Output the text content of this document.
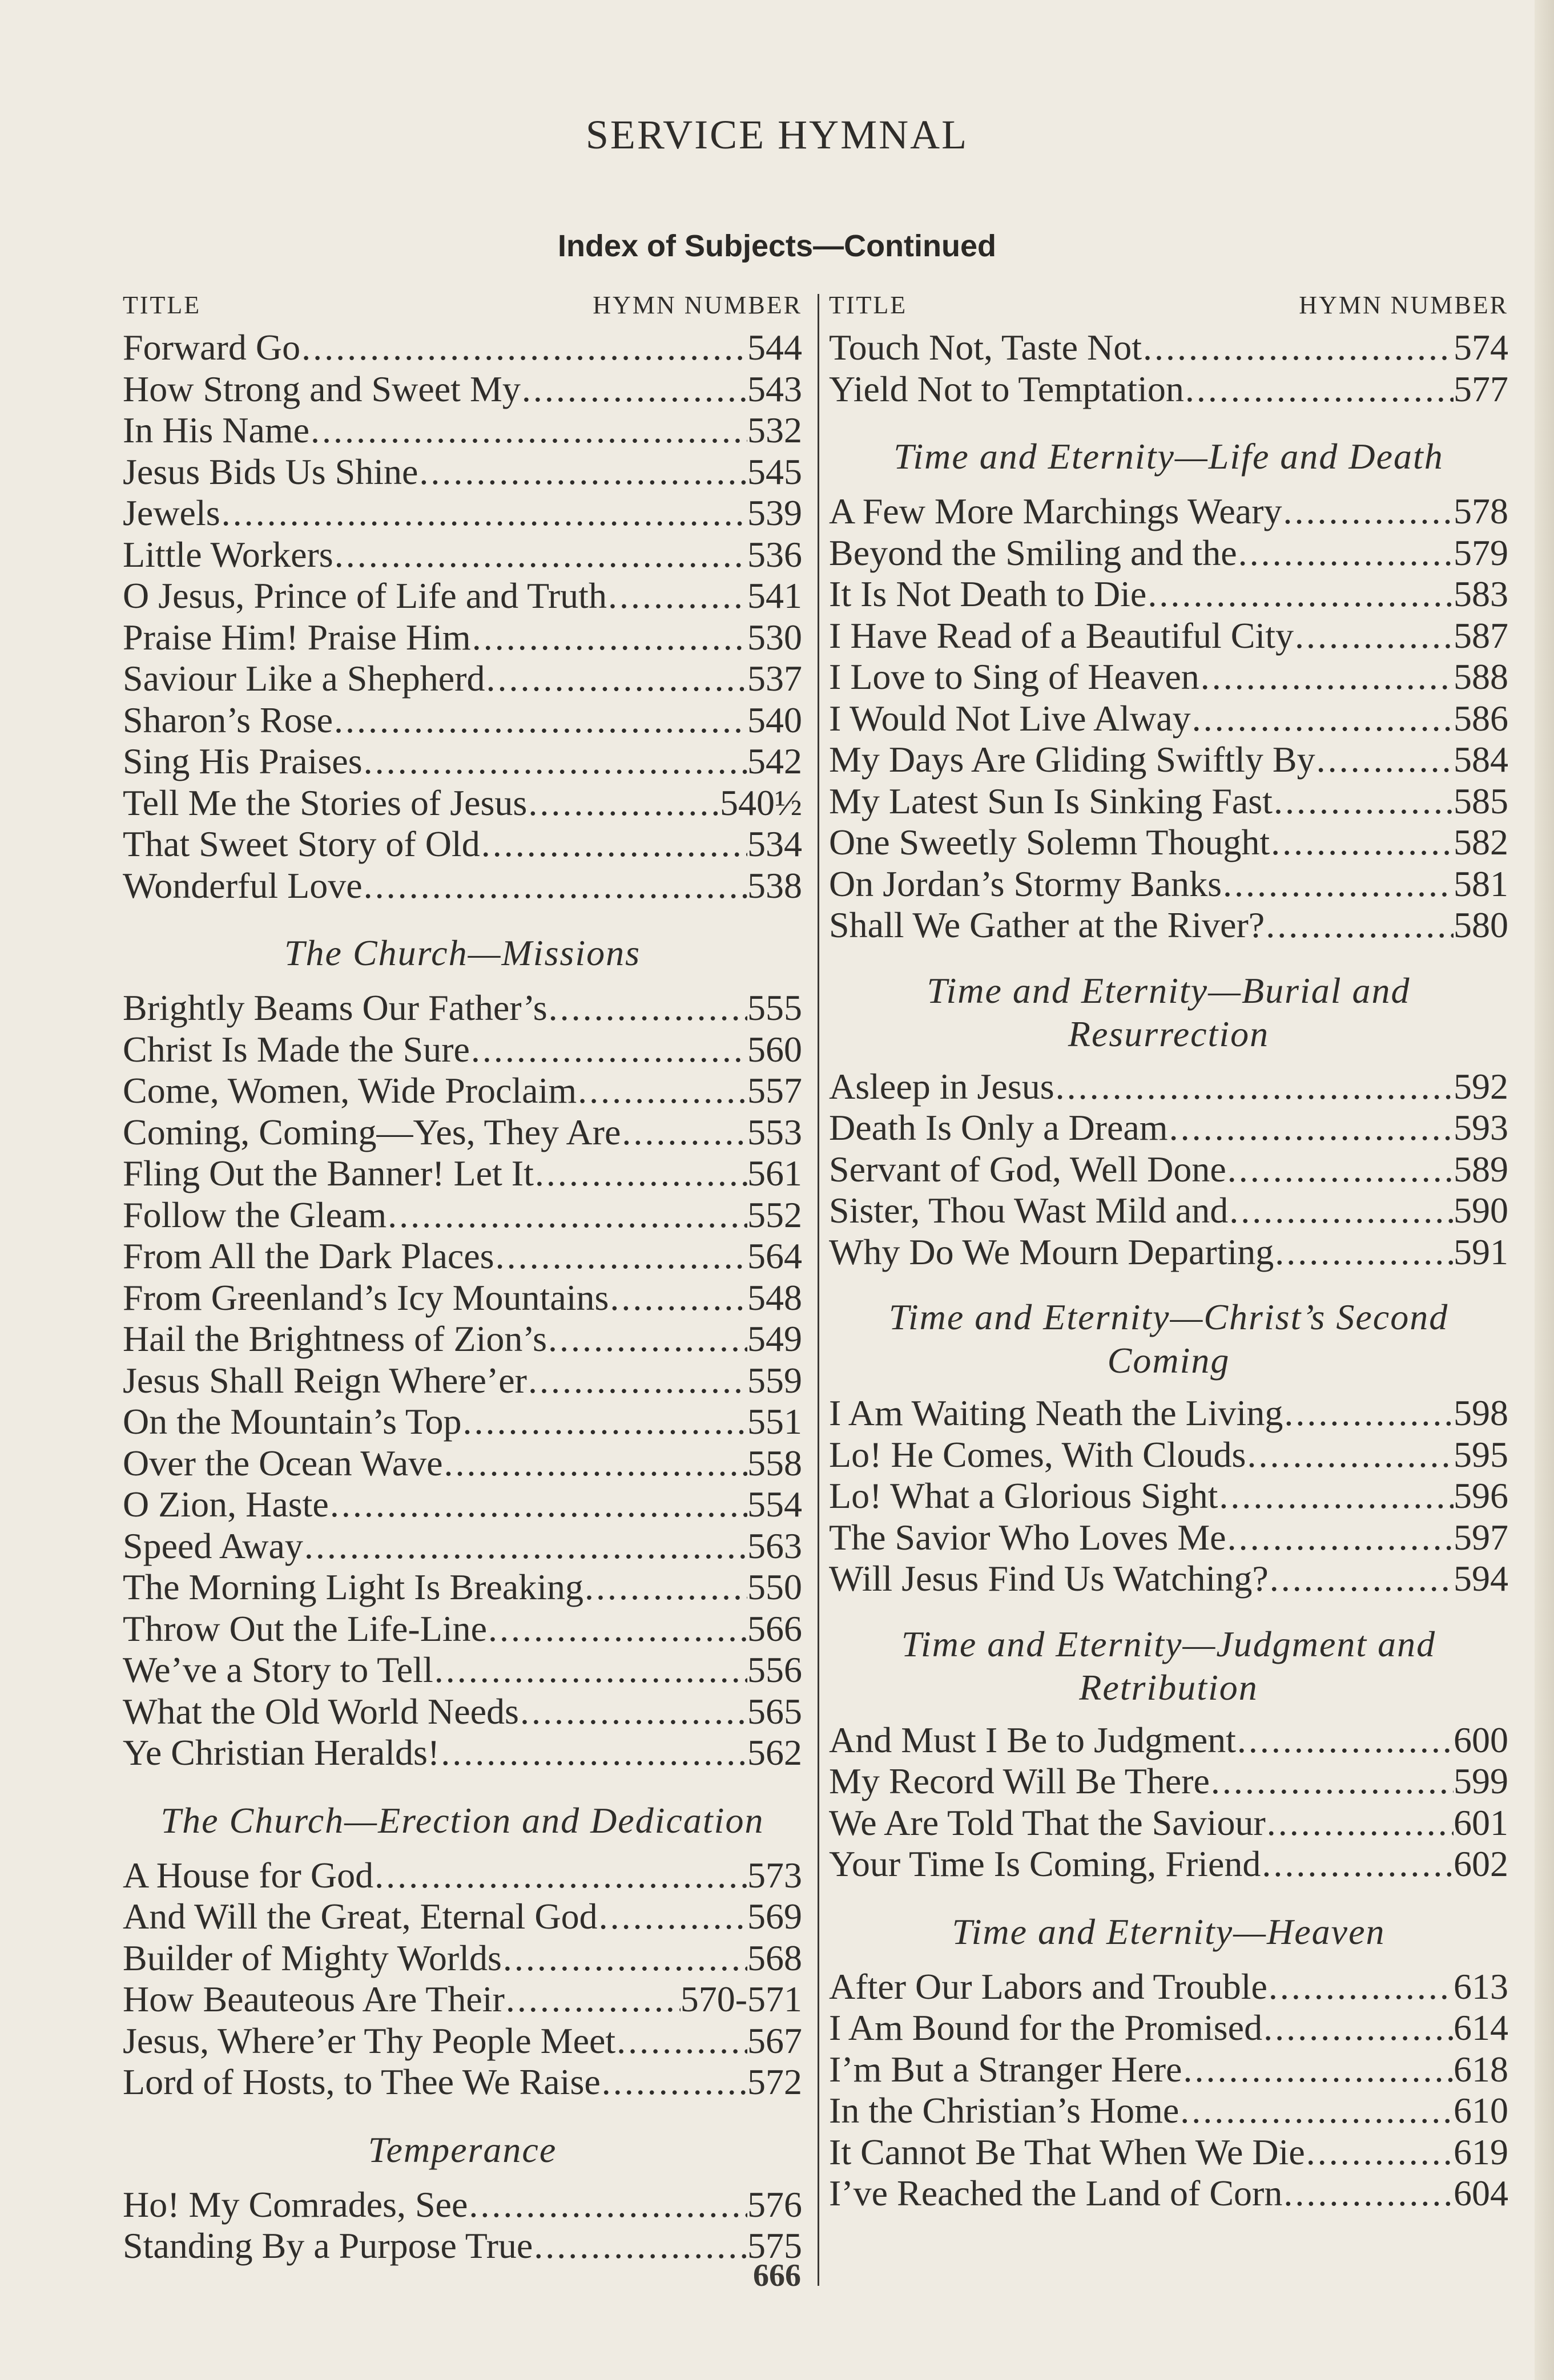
SERVICE HYMNAL
Index of Subjects—Continued
TITLE	HYMN NUMBER
Forward Go .....	544
How Strong and Sweet My .....	543
In His Name .....	532
Jesus Bids Us Shine .....	545
Jewels .....	539
Little Workers .....	536
O Jesus, Prince of Life and Truth .....	541
Praise Him! Praise Him .....	530
Saviour Like a Shepherd .....	537
Sharon’s Rose .....	540
Sing His Praises .....	542
Tell Me the Stories of Jesus .....	540½
That Sweet Story of Old .....	534
Wonderful Love .....	538
The Church—Missions
Brightly Beams Our Father’s .....	555
Christ Is Made the Sure .....	560
Come, Women, Wide Proclaim .....	557
Coming, Coming—Yes, They Are .....	553
Fling Out the Banner! Let It .....	561
Follow the Gleam .....	552
From All the Dark Places .....	564
From Greenland’s Icy Mountains .....	548
Hail the Brightness of Zion’s .....	549
Jesus Shall Reign Where’er .....	559
On the Mountain’s Top .....	551
Over the Ocean Wave .....	558
O Zion, Haste .....	554
Speed Away .....	563
The Morning Light Is Breaking .....	550
Throw Out the Life-Line .....	566
We’ve a Story to Tell .....	556
What the Old World Needs .....	565
Ye Christian Heralds! .....	562
The Church—Erection and Dedication
A House for God .....	573
And Will the Great, Eternal God .....	569
Builder of Mighty Worlds .....	568
How Beauteous Are Their .....	570-571
Jesus, Where’er Thy People Meet .....	567
Lord of Hosts, to Thee We Raise .....	572
Temperance
Ho! My Comrades, See .....	576
Standing By a Purpose True .....	575
TITLE	HYMN NUMBER
Touch Not, Taste Not .....	574
Yield Not to Temptation .....	577
Time and Eternity—Life and Death
A Few More Marchings Weary .....	578
Beyond the Smiling and the .....	579
It Is Not Death to Die .....	583
I Have Read of a Beautiful City .....	587
I Love to Sing of Heaven .....	588
I Would Not Live Alway .....	586
My Days Are Gliding Swiftly By .....	584
My Latest Sun Is Sinking Fast .....	585
One Sweetly Solemn Thought .....	582
On Jordan’s Stormy Banks .....	581
Shall We Gather at the River? .....	580
Time and Eternity—Burial and
Resurrection
Asleep in Jesus .....	592
Death Is Only a Dream .....	593
Servant of God, Well Done .....	589
Sister, Thou Wast Mild and .....	590
Why Do We Mourn Departing .....	591
Time and Eternity—Christ’s Second
Coming
I Am Waiting Neath the Living .....	598
Lo! He Comes, With Clouds .....	595
Lo! What a Glorious Sight .....	596
The Savior Who Loves Me .....	597
Will Jesus Find Us Watching? .....	594
Time and Eternity—Judgment and
Retribution
And Must I Be to Judgment .....	600
My Record Will Be There .....	599
We Are Told That the Saviour .....	601
Your Time Is Coming, Friend .....	602
Time and Eternity—Heaven
After Our Labors and Trouble .....	613
I Am Bound for the Promised .....	614
I’m But a Stranger Here .....	618
In the Christian’s Home .....	610
It Cannot Be That When We Die .....	619
I’ve Reached the Land of Corn .....	604
666
